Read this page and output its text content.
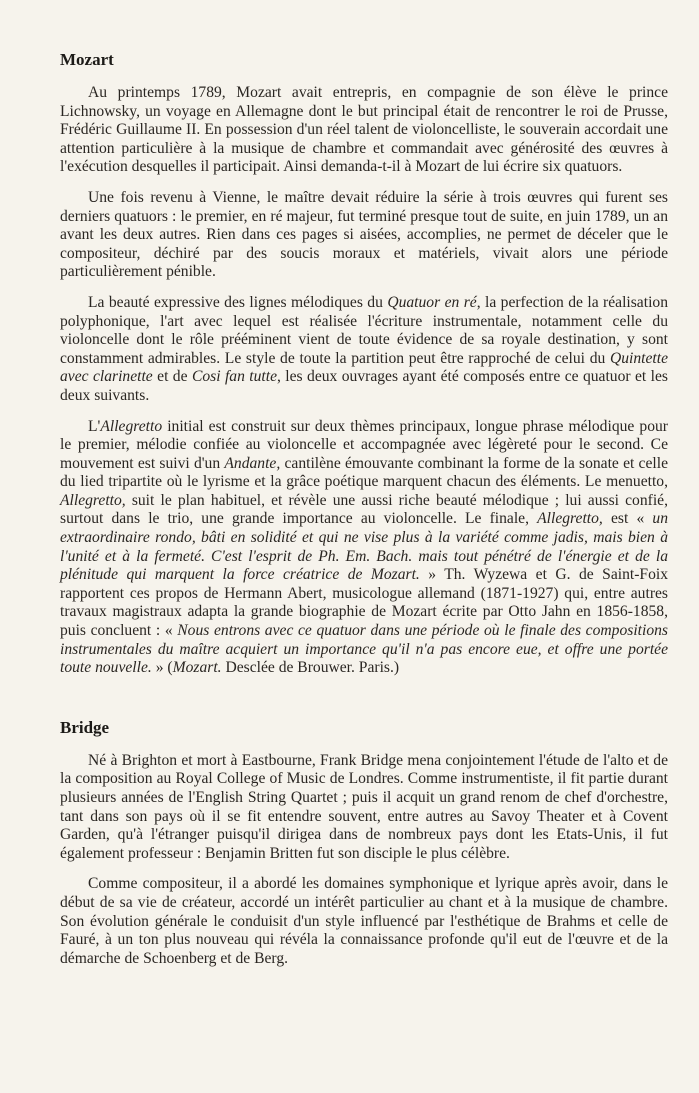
Mozart

Au printemps 1789, Mozart avait entrepris, en compagnie de son élève le prince Lichnowsky, un voyage en Allemagne dont le but principal était de rencontrer le roi de Prusse, Frédéric Guillaume II. En possession d'un réel talent de violoncelliste, le souverain accordait une attention particulière à la musique de chambre et commandait avec générosité des œuvres à l'exécution desquelles il participait. Ainsi demanda-t-il à Mozart de lui écrire six quatuors.

Une fois revenu à Vienne, le maître devait réduire la série à trois œuvres qui furent ses derniers quatuors : le premier, en ré majeur, fut terminé presque tout de suite, en juin 1789, un an avant les deux autres. Rien dans ces pages si aisées, accomplies, ne permet de déceler que le compositeur, déchiré par des soucis moraux et matériels, vivait alors une période particulièrement pénible.

La beauté expressive des lignes mélodiques du Quatuor en ré, la perfection de la réalisation polyphonique, l'art avec lequel est réalisée l'écriture instrumentale, notamment celle du violoncelle dont le rôle prééminent vient de toute évidence de sa royale destination, y sont constamment admirables. Le style de toute la partition peut être rapproché de celui du Quintette avec clarinette et de Cosi fan tutte, les deux ouvrages ayant été composés entre ce quatuor et les deux suivants.

L'Allegretto initial est construit sur deux thèmes principaux, longue phrase mélodique pour le premier, mélodie confiée au violoncelle et accompagnée avec légèreté pour le second. Ce mouvement est suivi d'un Andante, cantilène émouvante combinant la forme de la sonate et celle du lied tripartite où le lyrisme et la grâce poétique marquent chacun des éléments. Le menuetto, Allegretto, suit le plan habituel, et révèle une aussi riche beauté mélodique ; lui aussi confié, surtout dans le trio, une grande importance au violoncelle. Le finale, Allegretto, est « un extraordinaire rondo, bâti en solidité et qui ne vise plus à la variété comme jadis, mais bien à l'unité et à la fermeté. C'est l'esprit de Ph. Em. Bach. mais tout pénétré de l'énergie et de la plénitude qui marquent la force créatrice de Mozart. » Th. Wyzewa et G. de Saint-Foix rapportent ces propos de Hermann Abert, musicologue allemand (1871-1927) qui, entre autres travaux magistraux adapta la grande biographie de Mozart écrite par Otto Jahn en 1856-1858, puis concluent : « Nous entrons avec ce quatuor dans une période où le finale des compositions instrumentales du maître acquiert un importance qu'il n'a pas encore eue, et offre une portée toute nouvelle. » (Mozart. Desclée de Brouwer. Paris.)

Bridge

Né à Brighton et mort à Eastbourne, Frank Bridge mena conjointement l'étude de l'alto et de la composition au Royal College of Music de Londres. Comme instrumentiste, il fit partie durant plusieurs années de l'English String Quartet ; puis il acquit un grand renom de chef d'orchestre, tant dans son pays où il se fit entendre souvent, entre autres au Savoy Theater et à Covent Garden, qu'à l'étranger puisqu'il dirigea dans de nombreux pays dont les Etats-Unis, il fut également professeur : Benjamin Britten fut son disciple le plus célèbre.

Comme compositeur, il a abordé les domaines symphonique et lyrique après avoir, dans le début de sa vie de créateur, accordé un intérêt particulier au chant et à la musique de chambre. Son évolution générale le conduisit d'un style influencé par l'esthétique de Brahms et celle de Fauré, à un ton plus nouveau qui révéla la connaissance profonde qu'il eut de l'œuvre et de la démarche de Schoenberg et de Berg.
